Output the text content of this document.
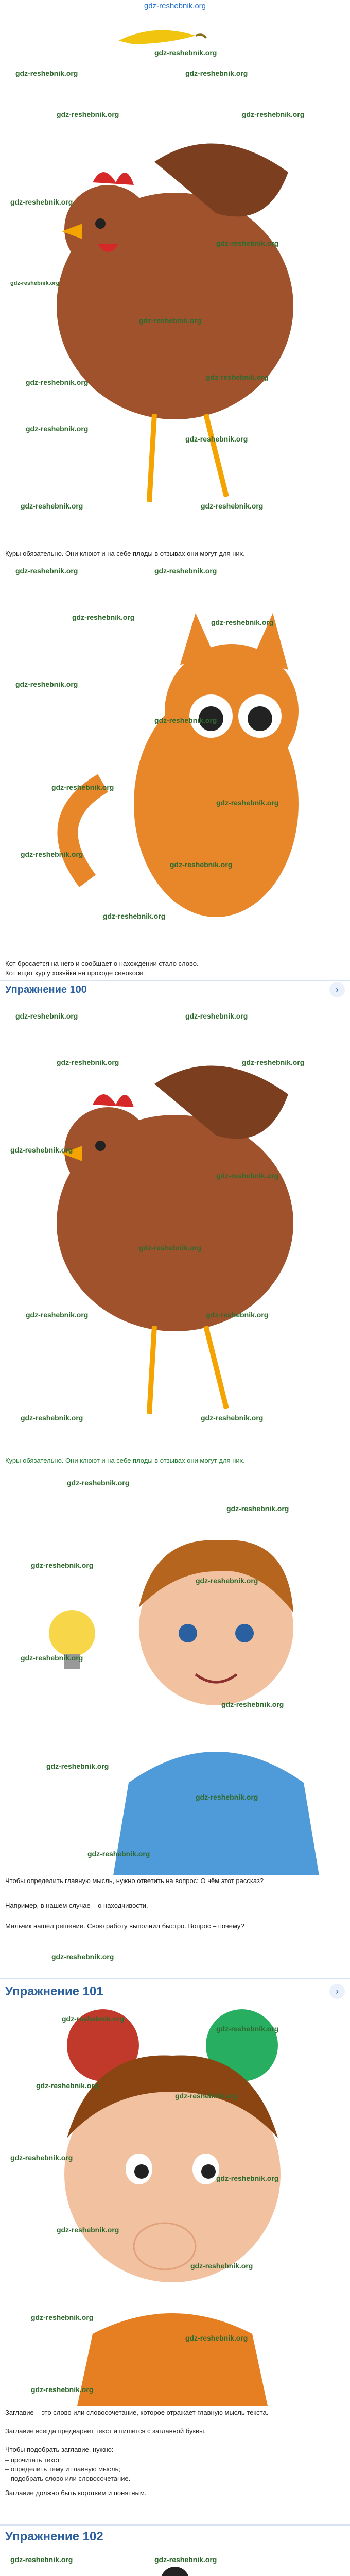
gdz-reshebnik.org
gdz-reshebnik.org
gdz-reshebnik.org	gdz-reshebnik.org
gdz-reshebnik.org	gdz-reshebnik.org
gdz-reshebnik.org
gdz-reshebnik.org
gdz-reshebnik.org
gdz-reshebnik.org
gdz-reshebnik.org
gdz-reshebnik.org
gdz-reshebnik.org
gdz-reshebnik.org
gdz-reshebnik.org	gdz-reshebnik.org
Куры обязательно. Они клюют и на себе плоды в отзывах они могут для них.
gdz-reshebnik.org	gdz-reshebnik.org
gdz-reshebnik.org
gdz-reshebnik.org
gdz-reshebnik.org
gdz-reshebnik.org
gdz-reshebnik.org
gdz-reshebnik.org
gdz-reshebnik.org
gdz-reshebnik.org
gdz-reshebnik.org
Кот бросается на него и сообщает о нахождении стало слово.
Кот ищет кур у хозяйки на проходе сенокосе.
Упражнение 100	›
gdz-reshebnik.org	gdz-reshebnik.org
gdz-reshebnik.org	gdz-reshebnik.org
gdz-reshebnik.org
gdz-reshebnik.org
gdz-reshebnik.org
gdz-reshebnik.org	gdz-reshebnik.org
gdz-reshebnik.org	gdz-reshebnik.org
Куры обязательно. Они клюют и на себе плоды в отзывах они могут для них.
gdz-reshebnik.org
gdz-reshebnik.org
gdz-reshebnik.org
gdz-reshebnik.org
gdz-reshebnik.org
gdz-reshebnik.org
gdz-reshebnik.org
gdz-reshebnik.org
gdz-reshebnik.org
Чтобы определить главную мысль, нужно ответить на вопрос: О чём этот рассказ?
Например, в нашем случае – о находчивости.
Мальчик нашёл решение. Свою работу выполнил быстро. Вопрос – почему?
gdz-reshebnik.org
Упражнение 101	›
gdz-reshebnik.org
gdz-reshebnik.org
gdz-reshebnik.org
gdz-reshebnik.org
gdz-reshebnik.org
gdz-reshebnik.org
gdz-reshebnik.org
gdz-reshebnik.org
gdz-reshebnik.org
gdz-reshebnik.org
gdz-reshebnik.org
Заглавие – это слово или словосочетание, которое отражает главную мысль текста.
Заглавие всегда предваряет текст и пишется с заглавной буквы.
Чтобы подобрать заглавие, нужно:
– прочитать текст;
– определить тему и главную мысль;
– подобрать слово или словосочетание.
Заглавие должно быть коротким и понятным.
Упражнение 102
gdz-reshebnik.org	gdz-reshebnik.org
